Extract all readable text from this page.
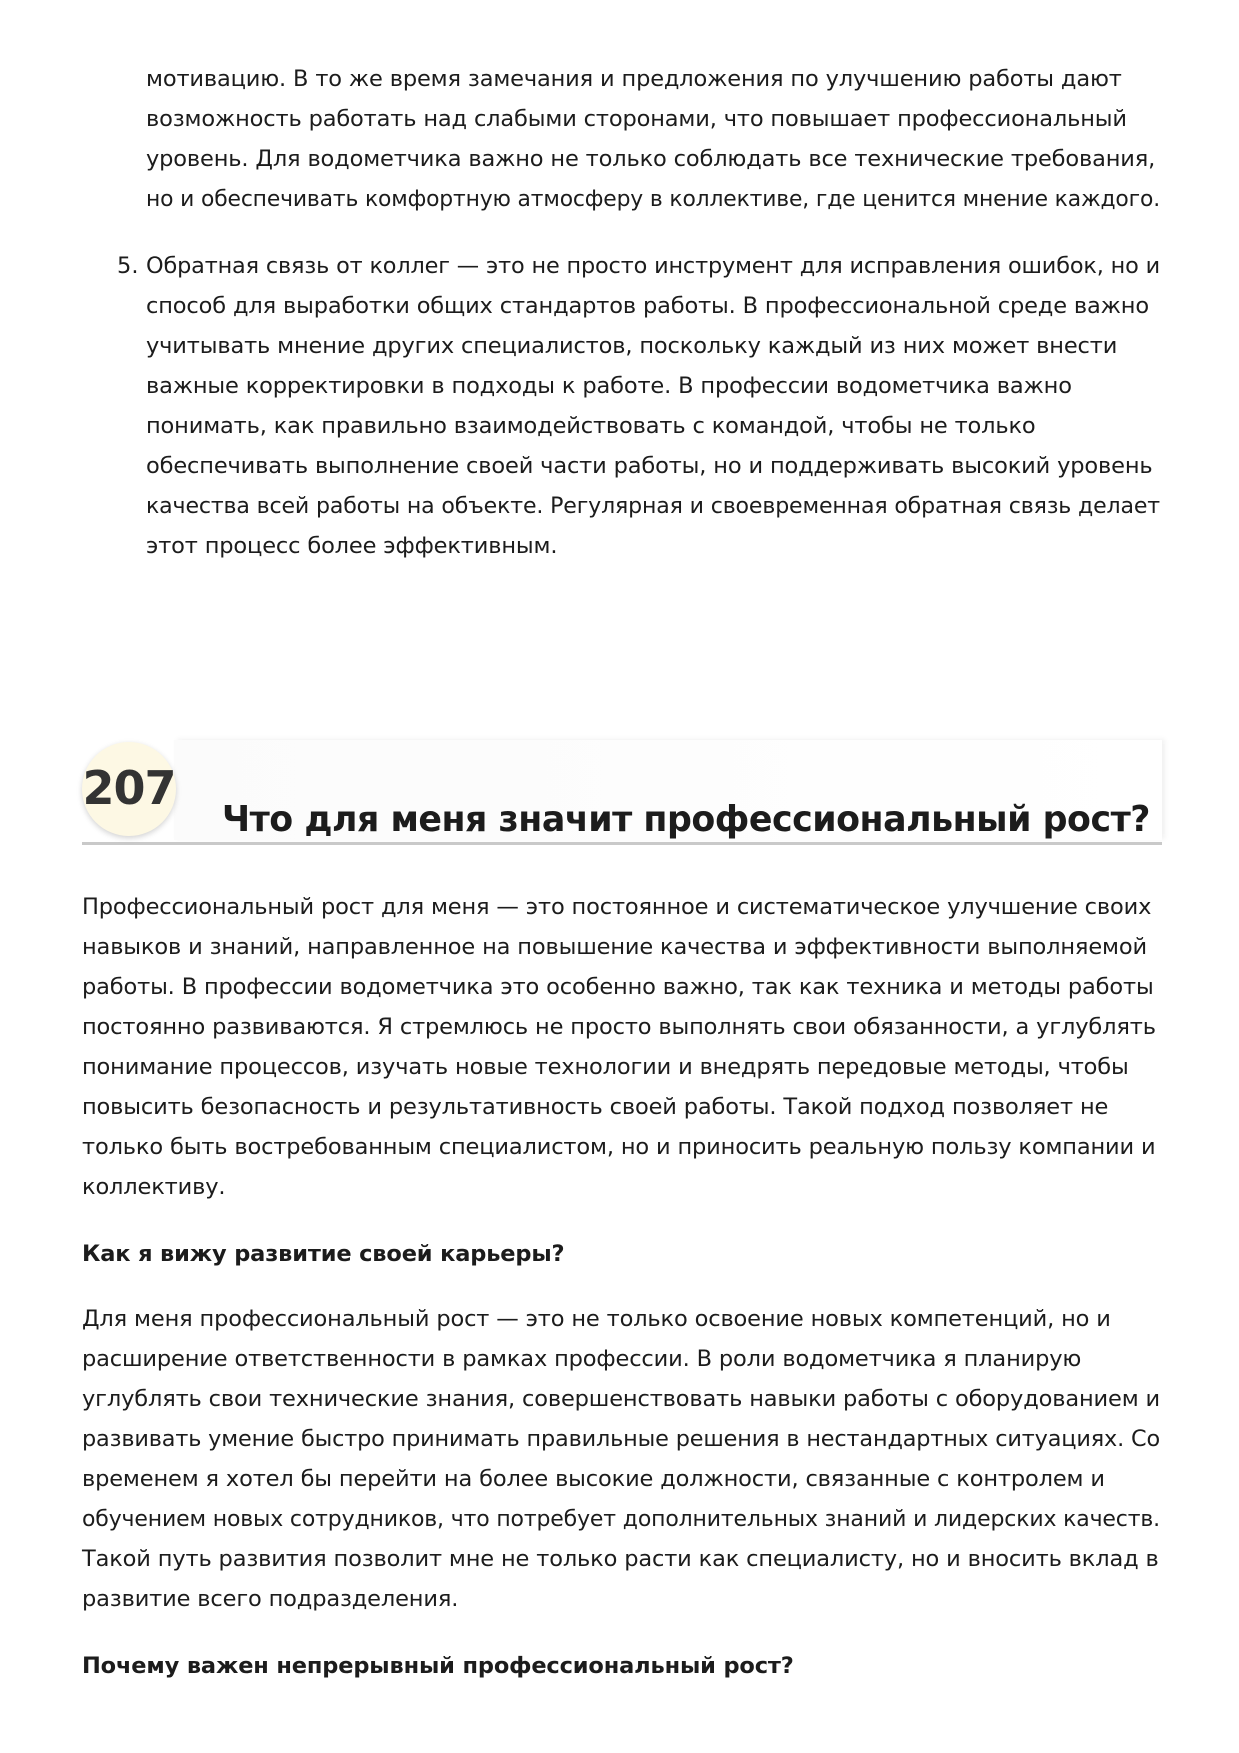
мотивацию. В то же время замечания и предложения по улучшению работы дают
возможность работать над слабыми сторонами, что повышает профессиональный
уровень. Для водометчика важно не только соблюдать все технические требования,
но и обеспечивать комфортную атмосферу в коллективе, где ценится мнение каждого.
5. Обратная связь от коллег — это не просто инструмент для исправления ошибок, но и
способ для выработки общих стандартов работы. В профессиональной среде важно
учитывать мнение других специалистов, поскольку каждый из них может внести
важные корректировки в подходы к работе. В профессии водометчика важно
понимать, как правильно взаимодействовать с командой, чтобы не только
обеспечивать выполнение своей части работы, но и поддерживать высокий уровень
качества всей работы на объекте. Регулярная и своевременная обратная связь делает
этот процесс более эффективным.
207
Что для меня значит профессиональный рост?
Профессиональный рост для меня — это постоянное и систематическое улучшение своих
навыков и знаний, направленное на повышение качества и эффективности выполняемой
работы. В профессии водометчика это особенно важно, так как техника и методы работы
постоянно развиваются. Я стремлюсь не просто выполнять свои обязанности, а углублять
понимание процессов, изучать новые технологии и внедрять передовые методы, чтобы
повысить безопасность и результативность своей работы. Такой подход позволяет не
только быть востребованным специалистом, но и приносить реальную пользу компании и
коллективу.
Как я вижу развитие своей карьеры?
Для меня профессиональный рост — это не только освоение новых компетенций, но и
расширение ответственности в рамках профессии. В роли водометчика я планирую
углублять свои технические знания, совершенствовать навыки работы с оборудованием и
развивать умение быстро принимать правильные решения в нестандартных ситуациях. Со
временем я хотел бы перейти на более высокие должности, связанные с контролем и
обучением новых сотрудников, что потребует дополнительных знаний и лидерских качеств.
Такой путь развития позволит мне не только расти как специалисту, но и вносить вклад в
развитие всего подразделения.
Почему важен непрерывный профессиональный рост?
